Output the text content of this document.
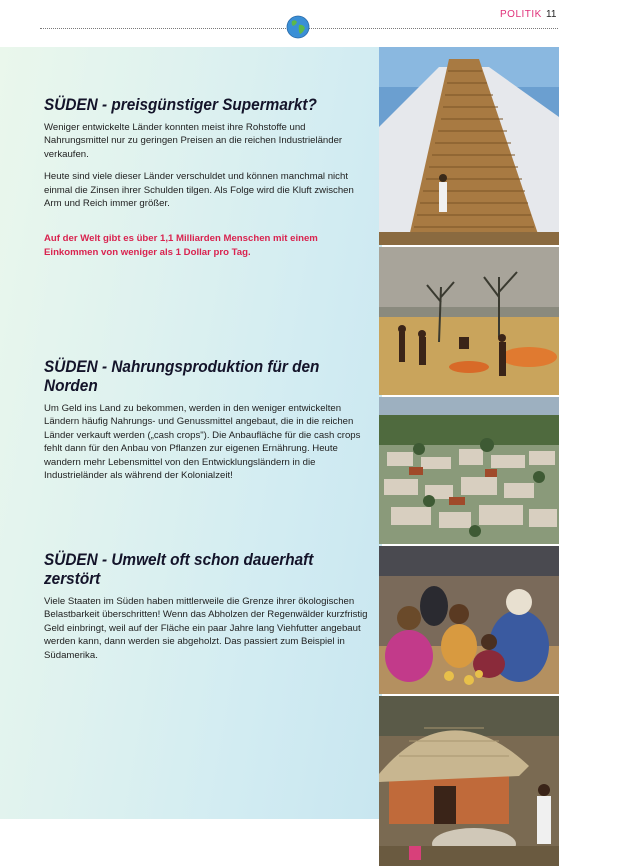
POLITIK 11
SÜDEN - preisgünstiger Supermarkt?

Weniger entwickelte Länder konnten meist ihre Rohstoffe und Nahrungsmittel nur zu geringen Preisen an die reichen Industrieländer verkaufen.

Heute sind viele dieser Länder verschuldet und können manchmal nicht einmal die Zinsen ihrer Schulden tilgen. Als Folge wird die Kluft zwischen Arm und Reich immer größer.

Auf der Welt gibt es über 1,1 Milliarden Menschen mit einem Einkommen von weniger als 1 Dollar pro Tag.

SÜDEN - Nahrungsproduktion für den Norden

Um Geld ins Land zu bekommen, werden in den weniger entwickelten Ländern häufig Nahrungs- und Genussmittel angebaut, die in die reichen Länder verkauft werden („cash crops"). Die Anbaufläche für die cash crops fehlt dann für den Anbau von Pflanzen zur eigenen Ernährung. Heute wandern mehr Lebensmittel von den Entwicklungsländern in die Industrieländer als während der Kolonialzeit!

SÜDEN - Umwelt oft schon dauerhaft zerstört

Viele Staaten im Süden haben mittlerweile die Grenze ihrer ökologischen Belastbarkeit überschritten! Wenn das Abholzen der Regenwälder kurzfristig Geld einbringt, weil auf der Fläche ein paar Jahre lang Viehfutter angebaut werden kann, dann werden sie abgeholzt. Das passiert zum Beispiel in Südamerika.
